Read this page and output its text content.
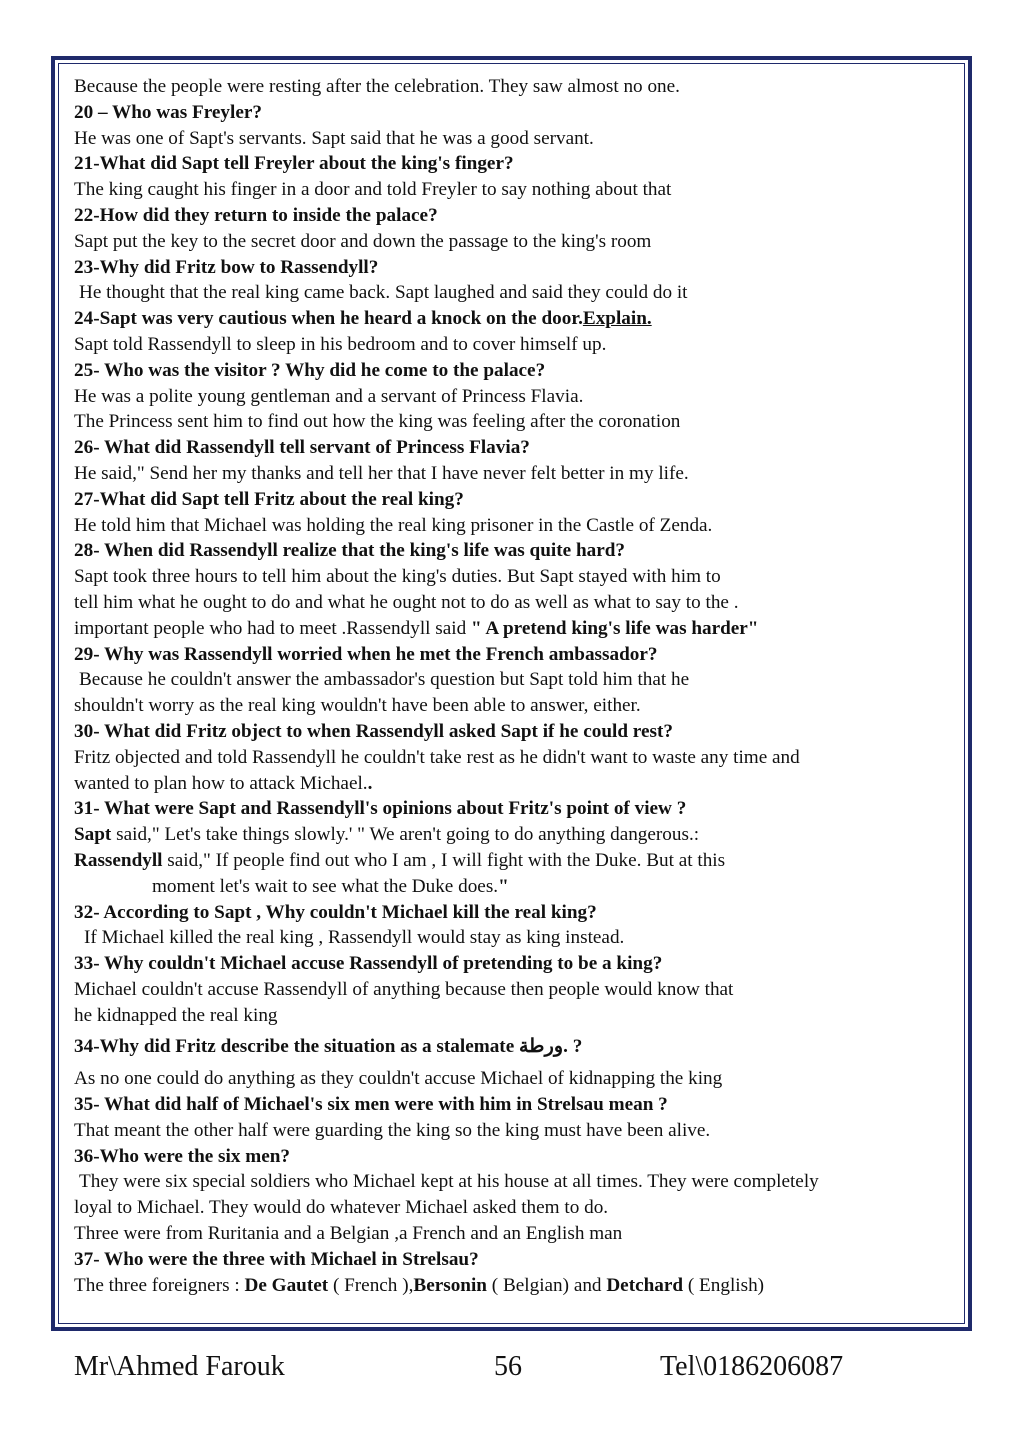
Because the people were resting after the celebration. They saw almost no one.

20 – Who was Freyler?

He was one of Sapt's servants. Sapt said that he was a good servant.

21-What did Sapt tell Freyler about the king's finger?

The king caught his finger in a door and told Freyler to say nothing about that

22-How did they return to inside the palace?

Sapt put the key to the secret door and down the passage to the king's room

23-Why did Fritz bow to Rassendyll?

He thought that the real king came back. Sapt laughed and said they could do it

24-Sapt was very cautious when he heard a knock on the door.Explain.

Sapt told Rassendyll to sleep in his bedroom and to cover himself up.

25- Who was the visitor ? Why did he come to the palace?

He was a polite young gentleman and a servant of Princess Flavia.

The Princess sent him to find out how the king was feeling after the coronation

26- What did Rassendyll tell servant of Princess Flavia?

He said," Send her my thanks and tell her that I have never felt better in my life.

27-What did Sapt tell Fritz about the real king?

He told him that Michael was holding the real king prisoner in the Castle of Zenda.

28- When did Rassendyll realize that the king's life was quite hard?

Sapt took three hours to tell him about the king's duties. But Sapt stayed with him to

tell him what he ought to do and what he ought not to do as well as what to say to the .

important people who had to meet .Rassendyll said " A pretend king's life was harder"

29- Why was Rassendyll worried when he met the French ambassador?

Because he couldn't answer the ambassador's question but Sapt told him that he

shouldn't worry as the real king wouldn't have been able to answer, either.

30- What did Fritz object to when Rassendyll asked Sapt if he could rest?

Fritz objected and told Rassendyll he couldn't take rest as he didn't want to waste any time and

wanted to plan how to attack Michael..

31- What were Sapt and Rassendyll's opinions about Fritz's point of view ?

Sapt said," Let's take things slowly.' " We aren't going to do anything dangerous.:

Rassendyll said," If people find out who I am , I will fight with the Duke. But at this

moment let's wait to see what the Duke does."

32- According to Sapt , Why couldn't Michael kill the real king?

If Michael killed the real king , Rassendyll would stay as king instead.

33- Why couldn't Michael accuse Rassendyll of pretending to be a king?

Michael couldn't accuse Rassendyll of anything because then people would know that

he kidnapped the real king

34-Why did Fritz describe the situation as a stalemate ورطة. ?

As no one could do anything as they couldn't accuse Michael of kidnapping the king

35- What did half of Michael's six men were with him in Strelsau mean ?

That meant the other half were guarding the king so the king must have been alive.

36-Who were the six men?

They were six special soldiers who Michael kept at his house at all times. They were completely

loyal to Michael. They would do whatever Michael asked them to do.

Three were from Ruritania and a Belgian ,a French and an English man

37- Who were the three with Michael in Strelsau?

The three foreigners : De Gautet ( French ),Bersonin ( Belgian) and Detchard ( English)

Mr\Ahmed Farouk	56	Tel\0186206087
